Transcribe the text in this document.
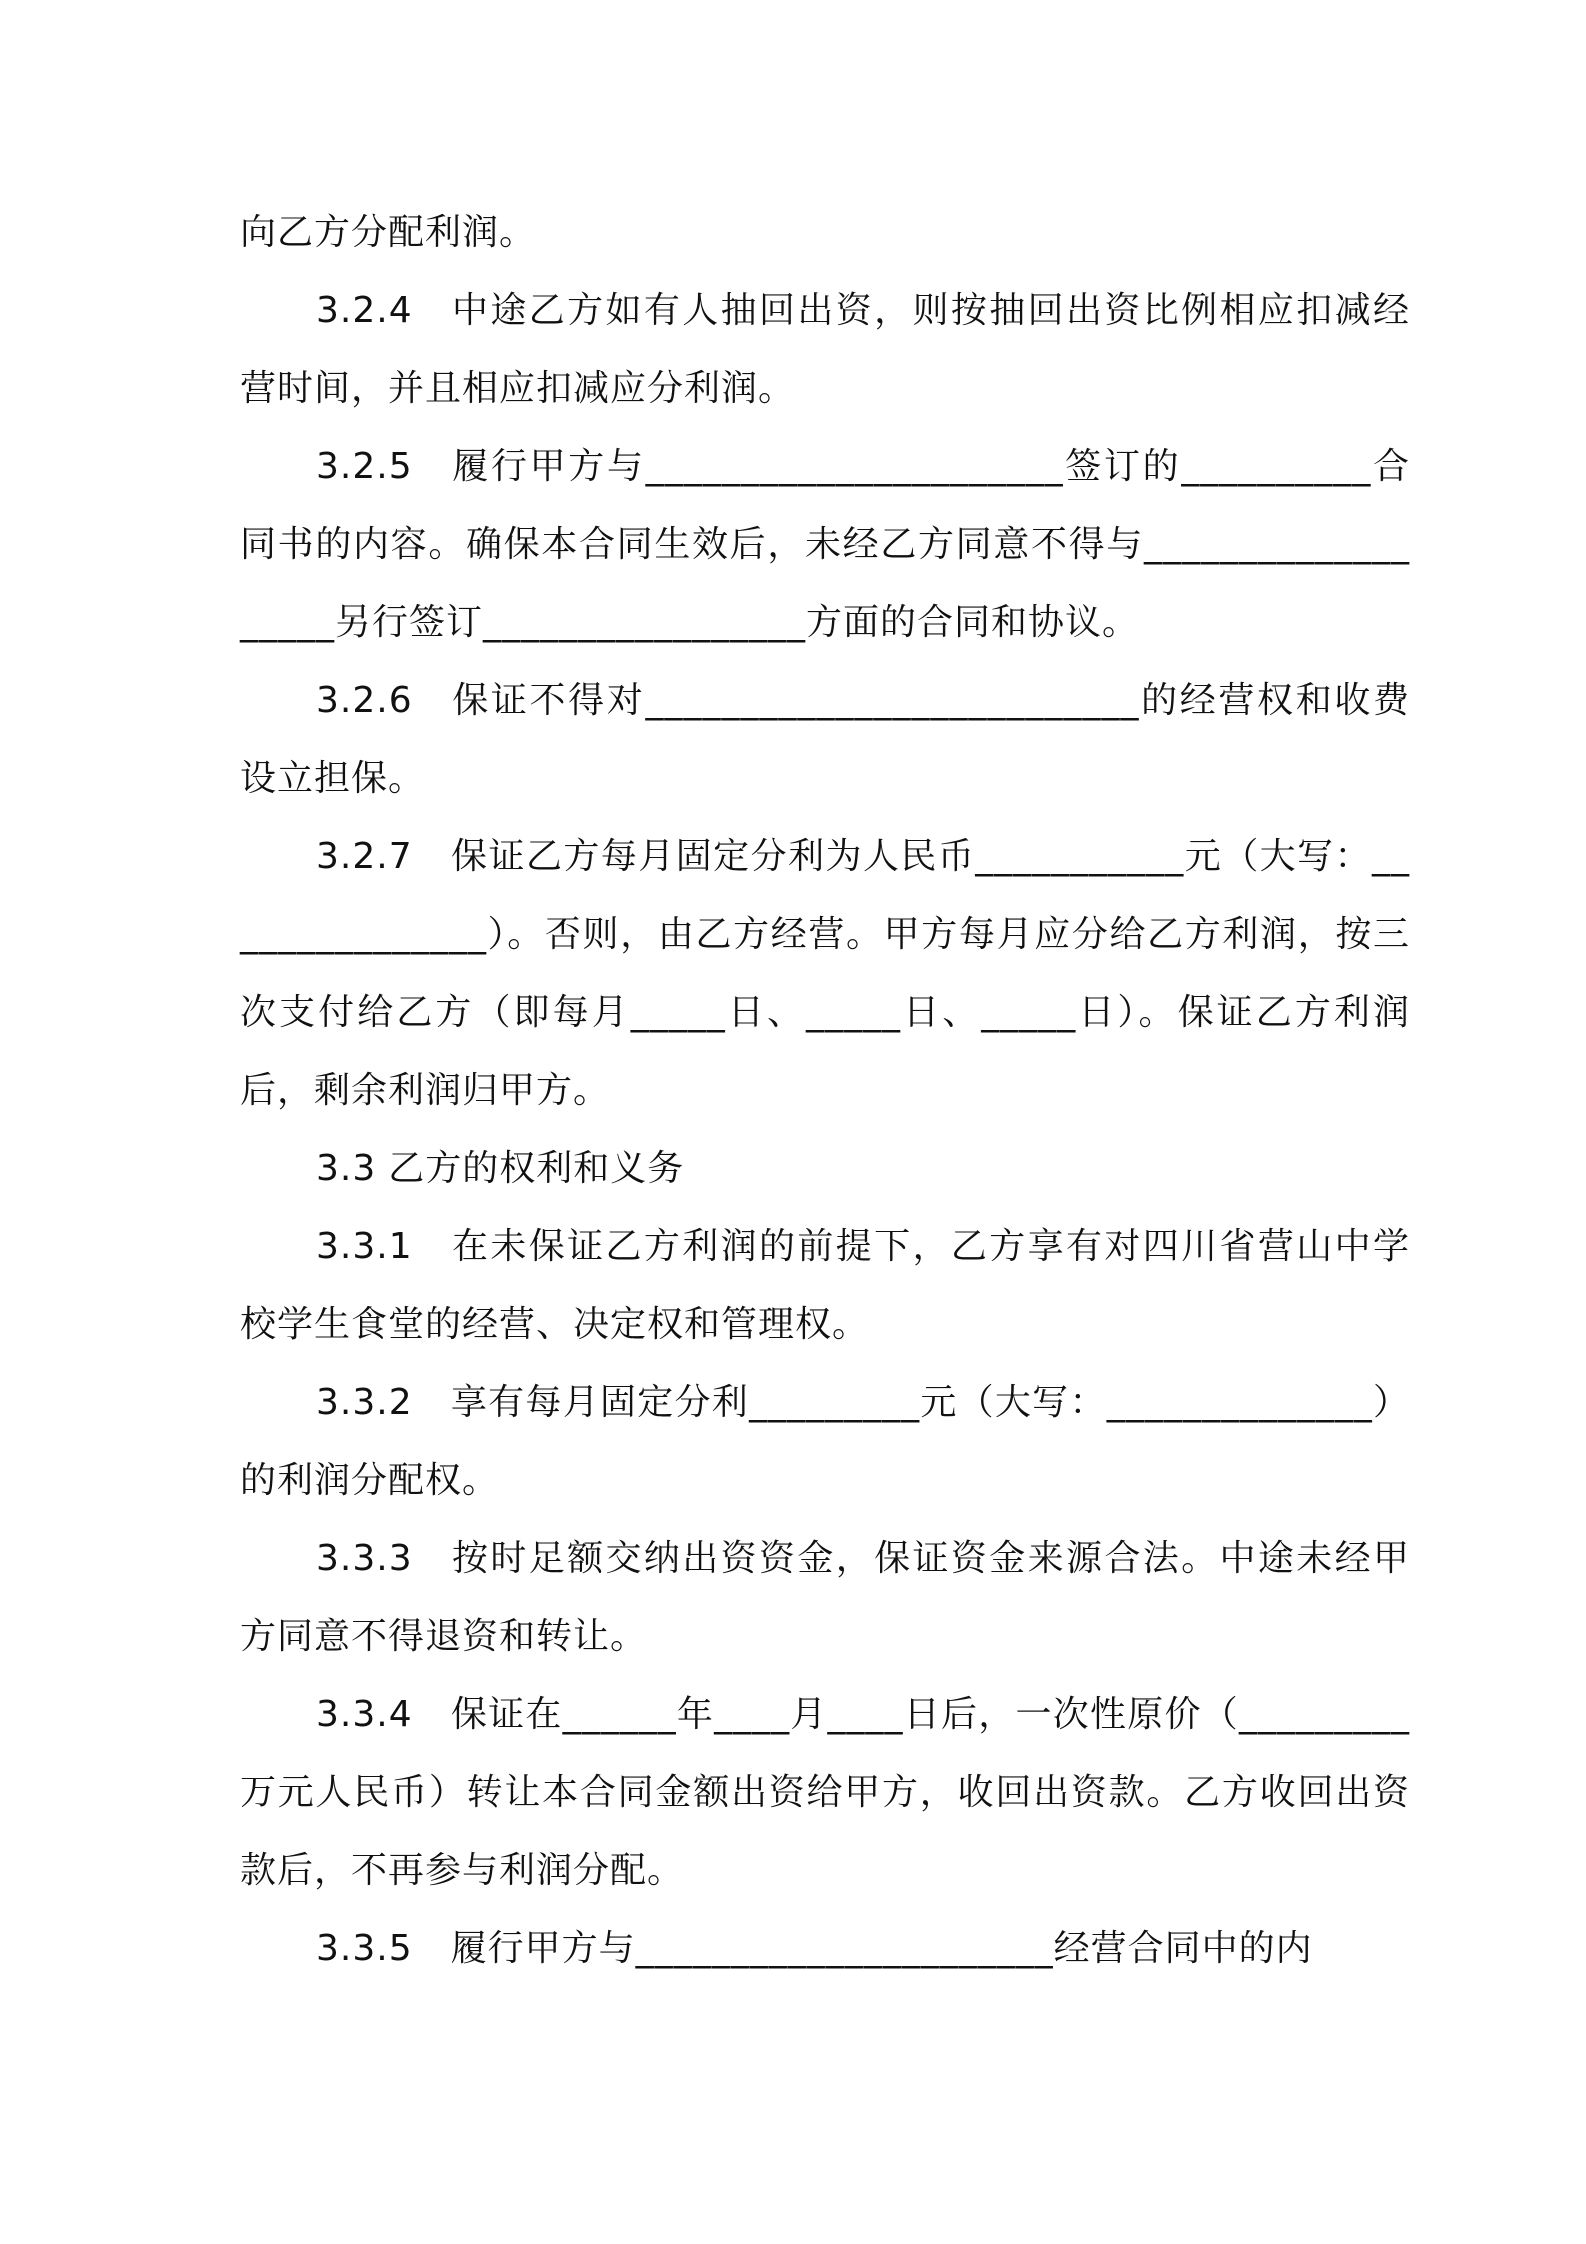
向乙方分配利润。

3.2.4 中途乙方如有人抽回出资，则按抽回出资比例相应扣减经营时间，并且相应扣减应分利润。

3.2.5 履行甲方与______________________签订的__________合同书的内容。确保本合同生效后，未经乙方同意不得与___________________另行签订_________________方面的合同和协议。

3.2.6 保证不得对__________________________的经营权和收费设立担保。

3.2.7 保证乙方每月固定分利为人民币___________元（大写：_______________）。否则，由乙方经营。甲方每月应分给乙方利润，按三次支付给乙方（即每月_____日、_____日、_____日）。保证乙方利润后，剩余利润归甲方。

3.3 乙方的权利和义务

3.3.1 在未保证乙方利润的前提下，乙方享有对四川省营山中学校学生食堂的经营、决定权和管理权。

3.3.2 享有每月固定分利_________元（大写：______________）的利润分配权。

3.3.3 按时足额交纳出资资金，保证资金来源合法。中途未经甲方同意不得退资和转让。

3.3.4 保证在______年____月____日后，一次性原价（_________万元人民币）转让本合同金额出资给甲方，收回出资款。乙方收回出资款后，不再参与利润分配。

3.3.5 履行甲方与______________________经营合同中的内
